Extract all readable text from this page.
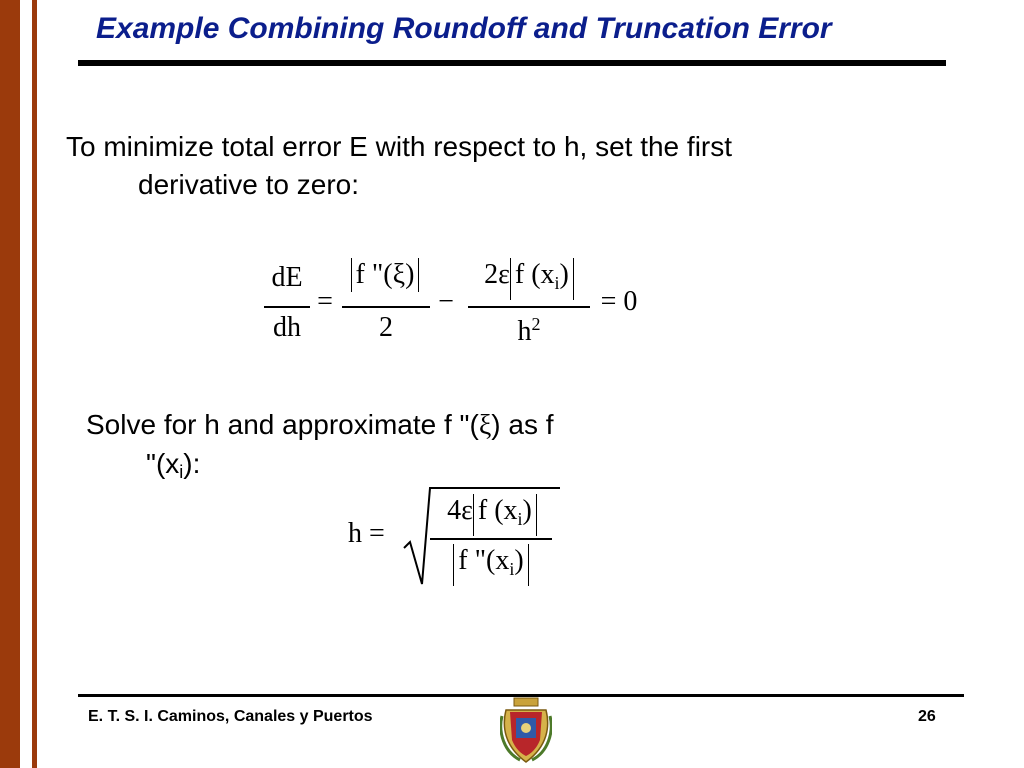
Example Combining Roundoff and Truncation Error
To minimize total error E with respect to h, set the first
derivative to zero:
dE
dh
=
f "(ξ)
2
−
2ε f $(x_i)$
$h^2$
= 0
Solve for h and approximate f "(ξ) as f
"$(x_i)$:
h =
4ε f $(x_i)$
f "$(x_i)$
E. T. S. I. Caminos, Canales y Puertos	26
